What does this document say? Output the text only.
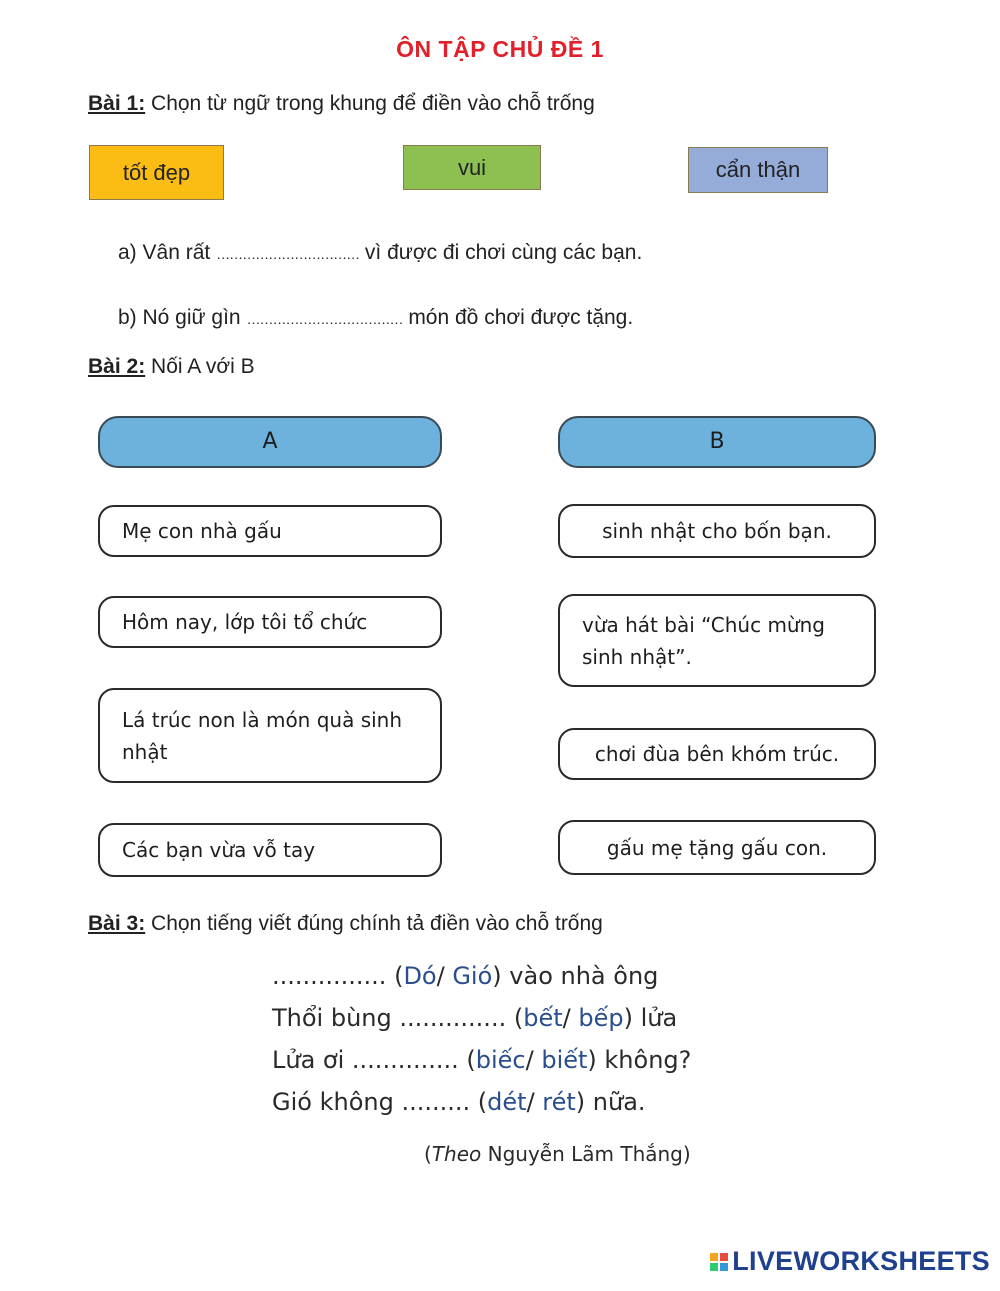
ÔN TẬP CHỦ ĐỀ 1
Bài 1: Chọn từ ngữ trong khung để điền vào chỗ trống
tốt đẹp	vui	cẩn thận
a) Vân rất …………………………… vì được đi chơi cùng các bạn.
b) Nó giữ gìn ……………………………… món đồ chơi được tặng.
Bài 2: Nối A với B
A	B
Mẹ con nhà gấu
Hôm nay, lớp tôi tổ chức
Lá trúc non là món quà sinh nhật
Các bạn vừa vỗ tay
sinh nhật cho bốn bạn.
vừa hát bài “Chúc mừng sinh nhật”.
chơi đùa bên khóm trúc.
gấu mẹ tặng gấu con.
Bài 3: Chọn tiếng viết đúng chính tả điền vào chỗ trống
............... (Dó/ Gió) vào nhà ông
Thổi bùng .............. (bết/ bếp) lửa
Lửa ơi .............. (biếc/ biết) không?
Gió không ......... (dét/ rét) nữa.
(Theo Nguyễn Lãm Thắng)
LIVEWORKSHEETS
